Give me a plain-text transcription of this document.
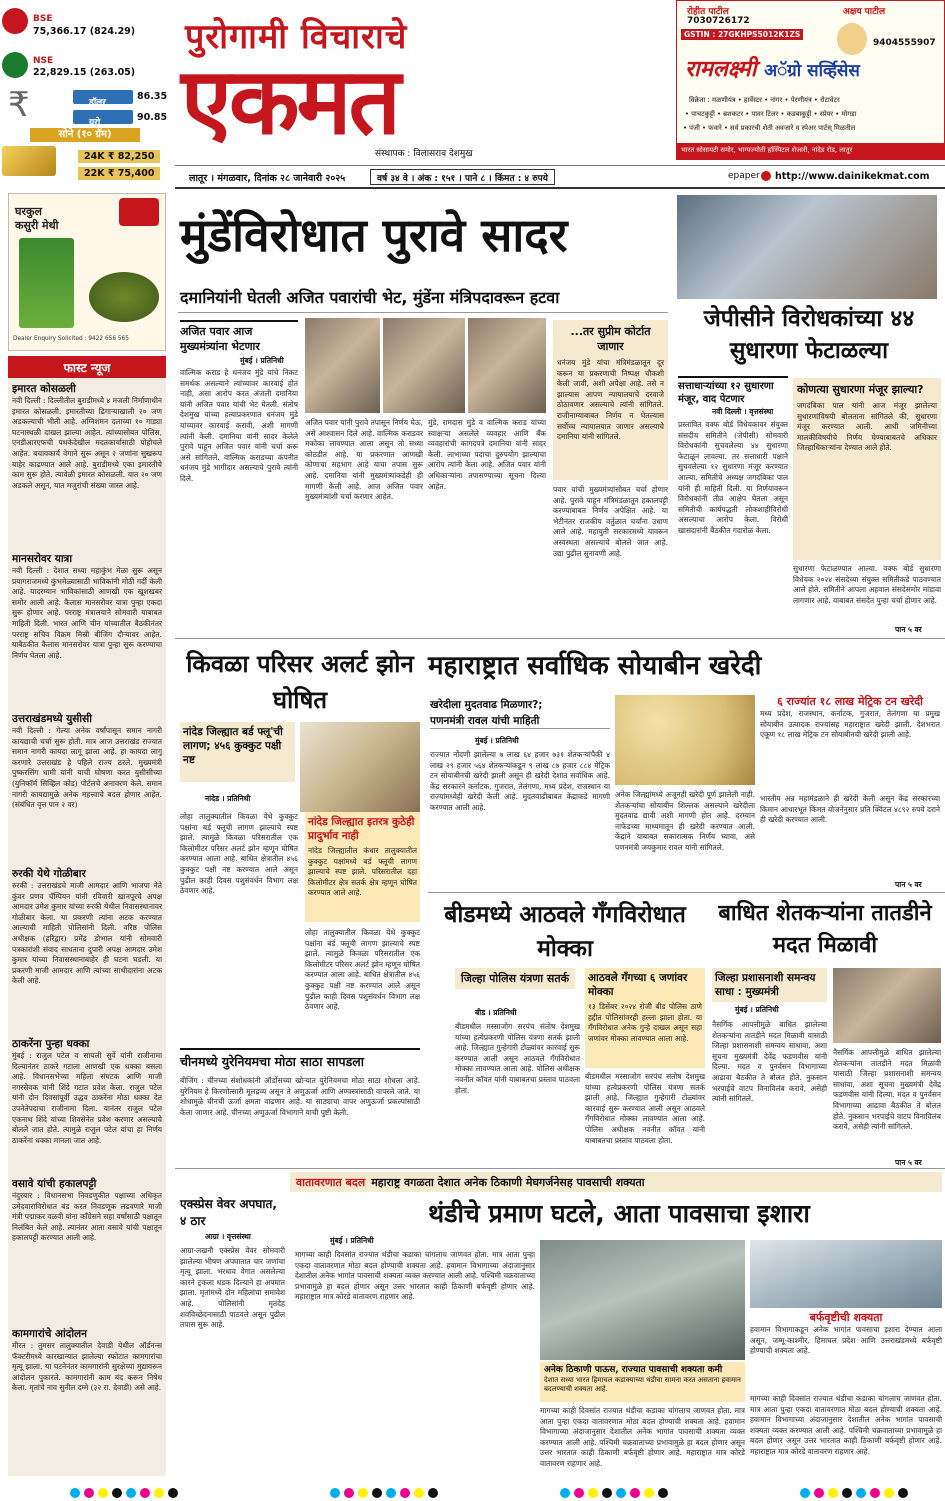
BSE
75,366.17 (824.29)
NSE
22,829.15 (263.05)
₹	डॉलर
86.35
युरो	90.85
सोने (१० ग्रॅम)
24K ₹ 82,250
22K ₹ 75,400
पुरोगामी विचाराचे
एकमत
संस्थापक : विलासराव देशमुख
रोहीत पाटील
7030726172
अक्षय पाटील
9404555907
GSTIN : 27GKHPS5012K1ZS
रामलक्ष्मी अॅग्रो सर्व्हिसेस
विक्रेता : मळणीयंत्र • हार्वेस्टर • नांगर • पेरणीयंत्र • रोटावेटर
• पाचटकुट्टी • ब्रशकटर • पावर टिलर • कडबाकुट्टी • स्प्रेयर • मोगडा
• पंजी • फवारे • सर्व प्रकारची शेती अवजारे व स्पेअर पार्टस् मिळतील
भारत सोसायटी समोर, भाग्यज्योती हॉस्पिटल शेजारी, नांदेड रोड, लातूर
लातूर । मंगळवार, दिनांक २८ जानेवारी २०२५	वर्ष ३४ वे । अंक : १५१ । पाने ८ । किंमत : ४ रुपये	epaper http://www.dainikekmat.com
घरकुल
कसुरी मेथी
Dealer Enquiry Solicited : 9422 656 565
फास्ट न्यूज
इमारत कोसळली
नवी दिल्ली : दिल्लीतील बुराडीमध्ये ४ मजली निर्माणाधीन इमारत कोसळली. इमारतीच्या ढिगाऱ्याखाली २० जण अडकल्याची भीती आहे. अग्निशमन दलाच्या १० गाड्या घटनास्थळी दाखल झाल्या आहेत. त्यांच्यासोबत पोलिस, एनडीआरएफची पथकेदेखील मदतकार्यासाठी पोहोचले आहेत. बचावकार्य वेगाने सुरू असून २ जणांना सुखरूप बाहेर काढण्यात आले आहे. बुराडीमध्ये एका इमारतीचे काम सुरू होते. त्यावेळी इमारत कोसळली. यात २० जण अडकले असून, यात मजुरांची संख्या जास्त आहे.
मानसरोवर यात्रा
नवी दिल्ली : देशात सध्या महाकुंभ मेळा सुरू असून प्रयागराजमध्ये कुंभमेळ्यासाठी भाविकांनी मोठी गर्दी केली आहे. यादरम्यान भाविकांसाठी आणखी एक खूशखबर समोर आली आहे. कैलास मानसरोवर यात्रा पुन्हा एकदा सुरू होणार आहे. परराष्ट्र मंत्रालयाने सोमवारी याबाबत माहिती दिली. भारत आणि चीन यांच्यातील बैठकीनंतर परराष्ट्र सचिव विक्रम मिस्री बीजिंग दौऱ्यावर आहेत. याबैठकीत कैलास मानसरोवर यात्रा पुन्हा सुरू करण्याचा निर्णय घेतला आहे.
उत्तराखंडमध्ये युसीसी
नवी दिल्ली : गेल्या अनेक वर्षांपासून समान नागरी कायद्याची चर्चा सुरू होती. मात्र आज उत्तराखंड राज्यात समान नागरी कायदा लागू झाला आहे. हा कायदा लागू करणारे उत्तराखंड हे पहिले राज्य ठरले. मुख्यमंत्री पुष्करसिंग धामी यांनी याची घोषणा करत युसीसीच्या (युनिफॉर्म सिव्हिल कोड) पोर्टलचे अनावरण केले. समान नागरी कायद्यामुळे अनेक महत्त्वाचे बदल होणार आहेत. (संबंधित वृत्त पान २ वर)
रुरकी येथे गोळीबार
रुरकी : उत्तराखंडचे माजी आमदार आणि भाजपा नेते कुंवर प्रणव चॅम्पियन यांनी रविवारी खानपूरचे अपक्ष आमदार उमेश कुमार यांच्या रुरकी येथील निवासस्थानावर गोळीबार केला. या प्रकरणी त्यांना अटक करण्यात आल्याची माहिती पोलिसांनी दिली. वरिष्ठ पोलिस अधीक्षक (हरिद्वार) प्रमेंद्र डोभाल यांनी सोमवारी पत्रकारांशी संवाद साधताना दुपारी अपक्ष आमदार उमेश कुमार यांच्या निवासस्थानाबाहेर ही घटना घडली. या प्रकरणी माजी आमदार आणि त्यांच्या साथीदारांना अटक केली आहे.
ठाकरेंना पुन्हा धक्का
मुंबई : राजुल पटेल व सायली सुर्वे यांनी राजीनामा दिल्यानंतर ठाकरे गटाला आणखी एक धक्का बसला आहे. विधानसभेच्या महिला संघटक आणि माजी नगरसेवक यांनी शिंदे गटात प्रवेश केला. राजुल पटेल यांनी दोन दिवसांपूर्वी उद्धव ठाकरेंना मोठा धक्का देत उपनेतेपदाचा राजीनामा दिला. यानंतर राजुल पटेल एकनाथ शिंदे यांच्या शिवसेनेत प्रवेश करणार असल्याचे बोलले जात होते. त्यामुळे राजुल पटेल यांचा हा निर्णय ठाकरेंना धक्का मानला जात आहे.
वसावे यांची हकालपट्टी
नंदुरबार : विधानसभा निवडणुकीत पक्षाच्या अधिकृत उमेदवाराविरोधात बंड करत निवडणूक लढवणारे माजी मंत्री पद्माकर वळवी यांना काँग्रेसने सहा वर्षांसाठी पक्षातून निलंबित केले आहे. त्यानंतर आता वसावे यांची पक्षातून हकालपट्टी करण्यात आली आहे.
कामगारांचे आंदोलन
मीरत : तुमसर तालुक्यातील देवाडी येथील ऑर्डनन्स फॅक्टरीमध्ये कारखान्यात झालेल्या स्फोटात कामगारांचा मृत्यू झाला. या घटनेनंतर कामगारांनी सुरक्षेच्या मुद्यावरून आंदोलन पुकारले. कामगारांनी काम बंद करून निषेध केला. मृतांचे नाव सुनील दम्मे (३२ रा. देवाडी) असे आहे.
मुंडेंविरोधात पुरावे सादर
दमानियांनी घेतली अजित पवारांची भेट, मुंडेंना मंत्रिपदावरून हटवा
अजित पवार आज मुख्यमंत्र्यांना भेटणार
मुंबई । प्रतिनिधी
वाल्मिक कराड हे धनंजय मुंडे यांचे निकट समर्थक असल्याने त्यांच्यावर कारवाई होत नाही, असा आरोप करत अंजली दमानिया यांनी अजित पवार यांची भेट घेतली. संतोष देशमुख यांच्या हत्याप्रकरणात धनंजय मुंडे यांच्यावर कारवाई करावी, अशी मागणी त्यांनी केली. दमानिया यांनी सादर केलेले पुरावे पाहून अजित पवार यांनी चर्चा करू असे सांगितले. वाल्मिक कराडच्या कंपनीत धनंजय मुंडे भागीदार असल्याचे पुरावे त्यांनी दिले.
अजित पवार यांनी पुरावे तपासून निर्णय घेऊ, असे आश्वासन दिले आहे. वाल्मिक कराडवर मकोका लावण्यात आला असून तो सध्या कोठडीत आहे. या प्रकरणात आणखी कोणाचा सहभाग आहे याचा तपास सुरू आहे. दमानिया यांनी मुख्यमंत्र्यांकडेही ही मागणी केली आहे. आज अजित पवार मुख्यमंत्र्यांशी चर्चा करणार आहेत.
मुंडे, रामदास मुंडे व वाल्मिक कराड यांच्या स्वाक्षऱ्या असलेले व्यवहार आणि बँक व्यवहारांची कागदपत्रे दमानिया यांनी सादर केली. लाभाच्या पदाचा दुरुपयोग झाल्याचा आरोप त्यांनी केला आहे. अजित पवार यांनी अधिकाऱ्यांना तपासण्याच्या सूचना दिल्या आहेत.
...तर सुप्रीम कोर्टात जाणार
धनंजय मुंडे यांचा मंत्रिमंडळातून दूर करून या प्रकरणाची निष्पक्ष चौकशी केली जावी, अशी अपेक्षा आहे. तसे न झाल्यास आपण न्यायालयाचे दरवाजे ठोठावणार असल्याचे त्यांनी सांगितले. राजीनाम्याबाबत निर्णय न घेतल्यास सर्वोच्च न्यायालयात जाणार असल्याचे दमानिया यांनी सांगितले.
पवार यांची मुख्यमंत्र्यांसोबत चर्चा होणार आहे. पुरावे पाहून मंत्रिमंडळातून हकालपट्टी करण्याबाबत निर्णय अपेक्षित आहे. या भेटीनंतर राजकीय वर्तुळात चर्चांना उधाण आले आहे. महायुती सरकारमध्ये यावरून अस्वस्थता असल्याचे बोलले जात आहे. उद्या पुढील सुनावणी आहे.
जेपीसीने विरोधकांच्या ४४ सुधारणा फेटाळल्या
सत्ताधाऱ्यांच्या १२ सुधारणा मंजूर, वाद पेटणार
नवी दिल्ली । वृत्तसंस्था
प्रस्तावित वक्फ बोर्ड विधेयकावर संयुक्त संसदीय समितीने (जेपीसी) सोमवारी विरोधकांनी सुचवलेल्या ४४ सुधारणा फेटाळून लावल्या. तर सत्ताधारी पक्षाने सुचवलेल्या १२ सुधारणा मंजूर करण्यात आल्या. समितीचे अध्यक्ष जगदंबिका पाल यांनी ही माहिती दिली. या निर्णयावरून विरोधकांनी तीव्र आक्षेप घेतला असून समितीची कार्यपद्धती लोकशाहीविरोधी असल्याचा आरोप केला. विरोधी खासदारांनी बैठकीत गदारोळ केला.
कोणत्या सुधारणा मंजूर झाल्या?
जगदंबिका पाल यांनी आज मंजूर झालेल्या सुधारणांविषयी बोलताना सांगितले की, सुधारणा मंजूर करण्यात आली. आधी जमिनीच्या मालकीविषयीचे निर्णय घेण्याबाबतचे अधिकार जिल्हाधिकाऱ्यांना देण्यात आले होते.
सुधारणा फेटाळण्यात आल्या. वक्फ बोर्ड सुधारणा विधेयक २०२४ संसदेच्या संयुक्त समितीकडे पाठवण्यात आले होते. समितीने आपला अहवाल संसदेसमोर मांडावा लागणार आहे. याबाबत संसदेत पुन्हा चर्चा होणार आहे.
पान ५ वर
किवळा परिसर अलर्ट झोन घोषित
नांदेड जिल्ह्यात बर्ड फ्लू'ची लागण; ४५६ कुक्कुट पक्षी नष्ट
नांदेड । प्रतिनिधी
लोहा तालुक्यातील किवळा येथे कुक्कुट पक्षांना बर्ड फ्लूची लागण झाल्याचे स्पष्ट झाले. त्यामुळे किवळा परिसरातील एक किलोमीटर परिसर अलर्ट झोन म्हणून घोषित करण्यात आला आहे. बाधित क्षेत्रातील ४५६ कुक्कुट पक्षी नष्ट करण्यात आले असून पुढील काही दिवस पशुसंवर्धन विभाग लक्ष ठेवणार आहे.
नांदेड जिल्ह्यात इतरत्र कुठेही प्रादुर्भाव नाही
नांदेड जिल्ह्यातील कंधार तालुक्यातील कुक्कुट पक्षांमध्ये बर्ड फ्लूची लागण झाल्याचे स्पष्ट झाले. परिसरातील दहा किलोमीटर क्षेत्र सतर्क क्षेत्र म्हणून घोषित करण्यात आले आहे.
लोहा तालुक्यातील किवळा येथे कुक्कुट पक्षांना बर्ड फ्लूची लागण झाल्याचे स्पष्ट झाले. त्यामुळे किवळा परिसरातील एक किलोमीटर परिसर अलर्ट झोन म्हणून घोषित करण्यात आला आहे. बाधित क्षेत्रातील ४५६ कुक्कुट पक्षी नष्ट करण्यात आले असून पुढील काही दिवस पशुसंवर्धन विभाग लक्ष ठेवणार आहे.
महाराष्ट्रात सर्वाधिक सोयाबीन खरेदी
खरेदीला मुदतवाढ मिळणार?;
पणनमंत्री रावल यांची माहिती
मुंबई । प्रतिनिधी
राज्यात नोंदणी झालेल्या ७ लाख ६४ हजार ७३१ शेतकऱ्यांपैकी ४ लाख २९ हजार ५६४ शेतकऱ्यांकडून ९ लाख ८७ हजार ८८४ मेट्रिक टन सोयाबीनची खरेदी झाली असून ही खरेदी देशात सर्वाधिक आहे. केंद्र सरकारने कर्नाटक, गुजरात, तेलंगणा, मध्य प्रदेश, राजस्थान या राज्यांमध्येही खरेदी केली आहे. मुदतवाढीबाबत केंद्राकडे मागणी करण्यात आली आहे.
अनेक जिल्ह्यांमध्ये अजूनही खरेदी पूर्ण झालेली नाही. शेतकऱ्यांचा सोयाबीन शिल्लक असल्याने खरेदीला मुदतवाढ द्यावी अशी मागणी होत आहे. दरम्यान नाफेडच्या माध्यमातून ही खरेदी करण्यात आली. केंद्राने याबाबत सकारात्मक निर्णय घ्यावा, असे पणनमंत्री जयकुमार रावल यांनी सांगितले.
६ राज्यांत १८ लाख मेट्रिक टन खरेदी
मध्य प्रदेश, राजस्थान, कर्नाटक, गुजरात, तेलंगणा या प्रमुख सोयाबीन उत्पादक राज्यांसह महाराष्ट्रात खरेदी झाली. देशभरात एकूण १८ लाख मेट्रिक टन सोयाबीनची खरेदी झाली आहे.
भारतीय अन्न महामंडळाने ही खरेदी केली असून केंद्र सरकारच्या किमान आधारभूत किंमत योजनेनुसार प्रति क्विंटल ४८९२ रुपये दराने ही खरेदी करण्यात आली.
पान ५ वर
बीडमध्ये आठवले गँगविरोधात मोक्का
जिल्हा पोलिस यंत्रणा सतर्क
बीड । प्रतिनिधी
बीडमधील मस्साजोग सरपंच संतोष देशमुख यांच्या हत्येप्रकरणी पोलिस यंत्रणा सतर्क झाली आहे. जिल्ह्यात गुन्हेगारी टोळ्यांवर कारवाई सुरू करण्यात आली असून आठवले गँगविरोधात मोक्का लावण्यात आला आहे. पोलिस अधीक्षक नवनीत कॉवत यांनी याबाबतचा प्रस्ताव पाठवला होता.
आठवले गँगच्या ६ जणांवर मोक्का
१३ डिसेंबर २०२४ रोजी बीड पोलिस ठाणे हद्दीत पोलिसांवरही हल्ला झाला होता. या गँगविरोधात अनेक गुन्हे दाखल असून सहा जणांवर मोक्का लावण्यात आला आहे.
बीडमधील मस्साजोग सरपंच संतोष देशमुख यांच्या हत्येप्रकरणी पोलिस यंत्रणा सतर्क झाली आहे. जिल्ह्यात गुन्हेगारी टोळ्यांवर कारवाई सुरू करण्यात आली असून आठवले गँगविरोधात मोक्का लावण्यात आला आहे. पोलिस अधीक्षक नवनीत कॉवत यांनी याबाबतचा प्रस्ताव पाठवला होता.
बाधित शेतकऱ्यांना तातडीने मदत मिळावी
जिल्हा प्रशासनाशी समन्वय साधा : मुख्यमंत्री
मुंबई । प्रतिनिधी
नैसर्गिक आपत्तीमुळे बाधित झालेल्या शेतकऱ्यांना तातडीने मदत मिळावी यासाठी जिल्हा प्रशासनाशी समन्वय साधावा, अशा सूचना मुख्यमंत्री देवेंद्र फडणवीस यांनी दिल्या. मदत व पुनर्वसन विभागाच्या आढावा बैठकीत ते बोलत होते. नुकसान भरपाईचे वाटप विनाविलंब करावे, असेही त्यांनी सांगितले.
नैसर्गिक आपत्तीमुळे बाधित झालेल्या शेतकऱ्यांना तातडीने मदत मिळावी यासाठी जिल्हा प्रशासनाशी समन्वय साधावा, अशा सूचना मुख्यमंत्री देवेंद्र फडणवीस यांनी दिल्या. मदत व पुनर्वसन विभागाच्या आढावा बैठकीत ते बोलत होते. नुकसान भरपाईचे वाटप विनाविलंब करावे, असेही त्यांनी सांगितले.
पान ५ वर
चीनमध्ये युरेनियमचा मोठा साठा सापडला
बीजिंग : चीनच्या संशोधकांनी ऑर्डोसच्या खोऱ्यात युरेनियमचा मोठा साठा शोधला आहे. युरेनियम हे किरणोत्सारी मूलद्रव्य असून ते अणुऊर्जा आणि अण्वस्त्रांसाठी वापरले जाते. या शोधामुळे चीनची ऊर्जा क्षमता वाढणार आहे. या साठ्याचा वापर अणुऊर्जा प्रकल्पांसाठी केला जाणार आहे. चीनच्या अणुऊर्जा विभागाने याची पुष्टी केली.
वातावरणात बदल महाराष्ट्र वगळता देशात अनेक ठिकाणी मेघगर्जनेसह पावसाची शक्यता
थंडीचे प्रमाण घटले, आता पावसाचा इशारा
मुंबई । प्रतिनिधी
मागच्या काही दिवसांत राज्यात थंडीचा कडाका चांगलाच जाणवत होता. मात्र आता पुन्हा एकदा वातावरणात मोठा बदल होण्याची शक्यता आहे. हवामान विभागाच्या अंदाजानुसार देशातील अनेक भागांत पावसाची शक्यता व्यक्त करण्यात आली आहे. पश्चिमी चक्रवाताच्या प्रभावामुळे हा बदल होणार असून उत्तर भारतात काही ठिकाणी बर्फवृष्टी होणार आहे. महाराष्ट्रात मात्र कोरडे वातावरण राहणार आहे.
बर्फवृष्टीची शक्यता
हवामान विभागाकडून अनेक भागांत पावसाचा इशारा देण्यात आला असून, जम्मू-काश्मीर, हिमाचल प्रदेश आणि उत्तराखंडमध्ये बर्फवृष्टी होण्याची शक्यता आहे.
अनेक ठिकाणी पाऊस, राज्यात पावसाची शक्यता कमी
देशात सध्या भारत हिमाचल कडाक्याच्या थंडीचा सामना करत असताना हवामान बदलण्याची शक्यता आहे.
मागच्या काही दिवसांत राज्यात थंडीचा कडाका चांगलाच जाणवत होता. मात्र आता पुन्हा एकदा वातावरणात मोठा बदल होण्याची शक्यता आहे. हवामान विभागाच्या अंदाजानुसार देशातील अनेक भागांत पावसाची शक्यता व्यक्त करण्यात आली आहे. पश्चिमी चक्रवाताच्या प्रभावामुळे हा बदल होणार असून उत्तर भारतात काही ठिकाणी बर्फवृष्टी होणार आहे. महाराष्ट्रात मात्र कोरडे वातावरण राहणार आहे.
मागच्या काही दिवसांत राज्यात थंडीचा कडाका चांगलाच जाणवत होता. मात्र आता पुन्हा एकदा वातावरणात मोठा बदल होण्याची शक्यता आहे. हवामान विभागाच्या अंदाजानुसार देशातील अनेक भागांत पावसाची शक्यता व्यक्त करण्यात आली आहे. पश्चिमी चक्रवाताच्या प्रभावामुळे हा बदल होणार असून उत्तर भारतात काही ठिकाणी बर्फवृष्टी होणार आहे. महाराष्ट्रात मात्र कोरडे वातावरण राहणार आहे.
एक्स्प्रेस वेवर अपघात, ४ ठार
आग्रा । वृत्तसंस्था
आग्रा-लखनौ एक्स्प्रेस वेवर सोमवारी झालेल्या भीषण अपघातात चार जणांचा मृत्यू झाला. भरधाव वेगात असलेल्या कारने ट्रकला धडक दिल्याने हा अपघात झाला. मृतांमध्ये दोन महिलांचा समावेश आहे. पोलिसांनी मृतदेह शवविच्छेदनासाठी पाठवले असून पुढील तपास सुरू आहे.
